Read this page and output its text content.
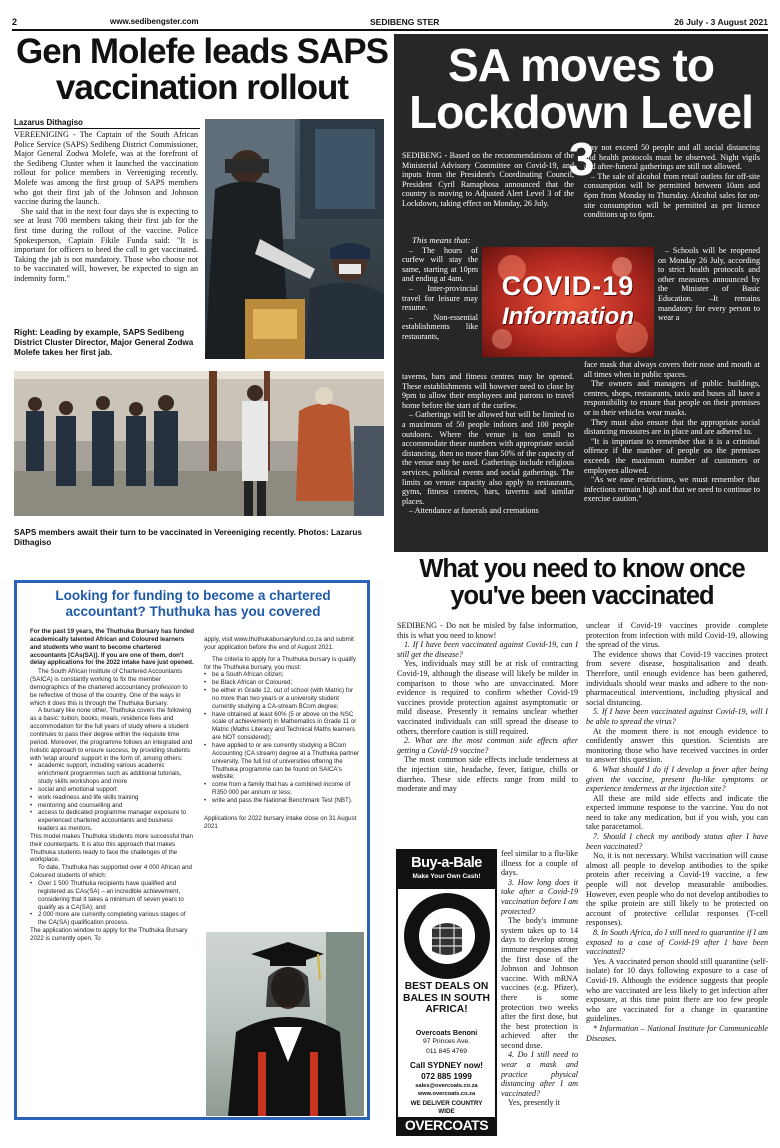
2	www.sedibengster.com	SEDIBENG STER	26 July - 3 August 2021
Gen Molefe leads SAPS vaccination rollout
Lazarus Dithagiso

VEREENIGING - The Captain of the South African Police Service (SAPS) Sedibeng District Commissioner, Major General Zodwa Molefe, was at the forefront of the Sedibeng Cluster when it launched the vaccination rollout for police members in Vereeniging recently. Molefe was among the first group of SAPS members who got their first jab of the Johnson and Johnson vaccine during the launch.

She said that in the next four days she is expecting to see at least 700 members taking their first jab for the first time during the rollout of the vaccine. Police Spokesperson, Captain Fikile Funda said: "It is important for officers to heed the call to get vaccinated. Taking the jab is not mandatory. Those who choose not to be vaccinated will, however, be expected to sign an indemnity form."

Right: Leading by example, SAPS Sedibeng District Cluster Director, Major General Zodwa Molefe takes her first jab.
SAPS members await their turn to be vaccinated in Vereeniging recently. Photos: Lazarus Dithagiso
SA moves to Lockdown Level 3

SEDIBENG - Based on the recommendations of the Ministerial Advisory Committee on Covid-19, and inputs from the President's Coordinating Council, President Cyril Ramaphosa announced that the country is moving to Adjusted Alert Level 3 of the Lockdown, taking effect on Monday, 26 July.

This means that:

– The hours of curfew will stay the same, starting at 10pm and ending at 4am.

– Inter-provincial travel for leisure may resume.

– Non-essential establishments like restaurants,

taverns, bars and fitness centres may be opened. These establishments will however need to close by 9pm to allow their employees and patrons to travel home before the start of the curfew.

– Gatherings will be allowed but will be limited to a maximum of 50 people indoors and 100 people outdoors. Where the venue is too small to accommodate these numbers with appropriate social distancing, then no more than 50% of the capacity of the venue may be used. Gatherings include religious services, political events and social gatherings. The limits on venue capacity also apply to restaurants, gyms, fitness centres, bars, taverns and similar places.

– Attendance at funerals and cremations

may not exceed 50 people and all social distancing and health protocols must be observed. Night vigils and after-funeral gatherings are still not allowed.

– The sale of alcohol from retail outlets for off-site consumption will be permitted between 10am and 6pm from Monday to Thursday. Alcohol sales for on-site consumption will be permitted as per licence conditions up to 6pm.

COVID-19
Information

– Schools will be reopened on Monday 26 July, according to strict health protocols and other measures announced by the Minister of Basic Education. –It remains mandatory for every person to wear a

face mask that always covers their nose and mouth at all times when in public spaces.

The owners and managers of public buildings, centres, shops, restaurants, taxis and buses all have a responsibility to ensure that people on their premises or in their vehicles wear masks.

They must also ensure that the appropriate social distancing measures are in place and are adhered to.

"It is important to remember that it is a criminal offence if the number of people on the premises exceeds the maximum number of customers or employees allowed.

"As we ease restrictions, we must remember that infections remain high and that we need to continue to exercise caution."

Looking for funding to become a chartered accountant? Thuthuka has you covered

For the past 19 years, the Thuthuka Bursary has funded academically talented African and Coloured learners and students who want to become chartered accountants [CAs(SA)]. If you are one of them, don't delay applications for the 2022 intake have just opened.

The South African Institute of Chartered Accountants (SAICA) is constantly working to fix the member demographics of the chartered accountancy profession to be reflective of those of the country. One of the ways in which it does this is through the Thuthuka Bursary.

A bursary like none other, Thuthuka covers the following as a basic: tuition, books, meals, residence fees and accommodation for the full years of study where a student continues to pass their degree within the requisite time period. Moreover, the programme follows an integrated and holistic approach to ensure success, by providing students with 'wrap around' support in the form of, among others:

• academic support, including various academic enrichment programmes such as additional tutorials, study skills workshops and more
• social and emotional support
• work readiness and life skills training
• mentoring and counselling and
• access to dedicated programme manager exposure to experienced chartered accountants and business leaders as mentors.

This model makes Thuthuka students more successful than their counterparts. It is also this approach that makes Thuthuka students ready to face the challenges of the workplace.

To date, Thuthuka has supported over 4 000 African and Coloured students of which:

• Over 1 500 Thuthuka recipients have qualified and registered as CAs(SA) – an incredible achievement, considering that it takes a minimum of seven years to qualify as a CA(SA); and
• 2 000 more are currently completing various stages of the CA(SA) qualification process.

The application window to apply for the Thuthuka Bursary 2022 is currently open. To

apply, visit www.thuthukabursaryfund.co.za and submit your application before the end of August 2021.

The criteria to apply for a Thuthuka bursary is qualify for the Thuthuka bursary, you must:

• be a South African citizen;
• be Black African or Coloured;
• be either in Grade 12, out of school (with Matric) for no more than two years or a university student currently studying a CA-stream BCom degree;
• have obtained at least 60% (5 or above on the NSC scale of achievement) in Mathematics in Grade 11 or Matric (Maths Literacy and Technical Maths learners are NOT considered);
• have applied to or are currently studying a BCom Accounting (CA stream) degree at a Thuthuka partner university. The full list of universities offering the Thuthuka programme can be found on SAICA's website;
• come from a family that has a combined income of R350 000 per annum or less;
• write and pass the National Benchmark Test (NBT).

Applications for 2022 bursary intake close on 31 August 2021

What you need to know once you've been vaccinated

SEDIBENG - Do not be misled by false information, this is what you need to know!

1. If I have been vaccinated against Covid-19, can I still get the disease?

Yes, individuals may still be at risk of contracting Covid-19, although the disease will likely be milder in comparison to those who are unvaccinated. More evidence is required to confirm whether Covid-19 vaccines provide protection against asymptomatic or mild disease. Presently it remains unclear whether vaccinated individuals can still spread the disease to others, therefore caution is still required.

2. What are the most common side effects after getting a Covid-19 vaccine?

The most common side effects include tenderness at the injection site, headache, fever, fatigue, chills or diarrhea. These side effects range from mild to moderate and may

Buy-a-Bale
Make Your Own Cash!
BEST DEALS ON BALES IN SOUTH AFRICA!
Overcoats Benoni
97 Princes Ave.
011 845 4769
Call SYDNEY now!
072 885 1999
sales@overcoats.co.za
www.overcoats.co.za
WE DELIVER COUNTRY WIDE
OVERCOATS

feel similar to a flu-like illness for a couple of days.

3. How long does it take after a Covid-19 vaccination before I am protected?

The body's immune system takes up to 14 days to develop strong immune responses after the first dose of the Johnson and Johnson vaccine. With mRNA vaccines (e.g. Pfizer), there is some protection two weeks after the first dose, but the best protection is achieved after the second dose.

4. Do I still need to wear a mask and practice physical distancing after I am vaccinated?

Yes, presently it

unclear if Covid-19 vaccines provide complete protection from infection with mild Covid-19, allowing the spread of the virus.

The evidence shows that Covid-19 vaccines protect from severe disease, hospitalisation and death. Therefore, until enough evidence has been gathered, individuals should wear masks and adhere to the non-pharmaceutical interventions, including physical and social distancing.

5. If I have been vaccinated against Covid-19, will I be able to spread the virus?

At the moment there is not enough evidence to confidently answer this question. Scientists are monitoring those who have received vaccines in order to answer this question.

6. What should I do if I develop a fever after being given the vaccine, present flu-like symptoms or experience tenderness at the injection site?

All these are mild side effects and indicate the expected immune response to the vaccine. You do not need to take any medication, but if you wish, you can take paracetamol.

7. Should I check my antibody status after I have been vaccinated?

No, it is not necessary. Whilst vaccination will cause almost all people to develop antibodies to the spike protein after receiving a Covid-19 vaccine, a few people will not develop measurable antibodies. However, even people who do not develop antibodies to the spike protein are still likely to be protected on account of protective cellular responses (T-cell responses).

8. In South Africa, do I still need to quarantine if I am exposed to a case of Covid-19 after I have been vaccinated?

Yes. A vaccinated person should still quarantine (self-isolate) for 10 days following exposure to a case of Covid-19. Although the evidence suggests that people who are vaccinated are less likely to get infection after exposure, at this time point there are too few people who are vaccinated for a change in quarantine guidelines.

* Information – National Institute for Communicable Diseases.
